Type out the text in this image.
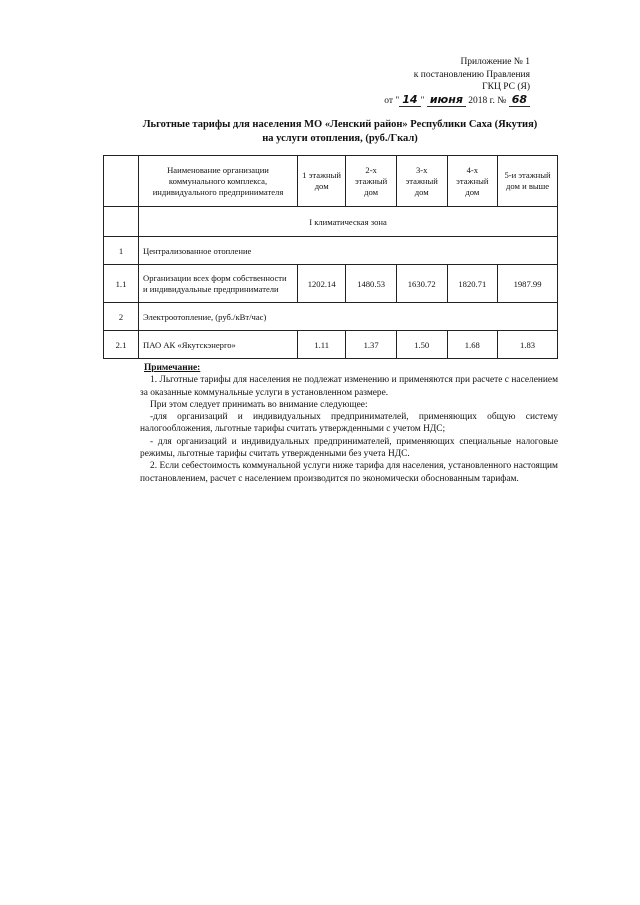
Приложение № 1
к постановлению Правления
ГКЦ РС (Я)
от " 14 " июня 2018 г. № 68
Льготные тарифы для населения МО «Ленский район» Республики Саха (Якутия)
на услуги отопления, (руб./Гкал)
	Наименование организации коммунального комплекса, индивидуального предпринимателя	1 этажный дом	2-х этажный дом	3-х этажный дом	4-х этажный дом	5-и этажный дом и выше
	I климатическая зона					
1	Централизованное отопление					
1.1	Организации всех форм собственности и индивидуальные предприниматели	1202.14	1480.53	1630.72	1820.71	1987.99
2	Электроотопление, (руб./кВт/час)					
2.1	ПАО АК «Якутскэнерго»	1.11	1.37	1.50	1.68	1.83

Примечание:

1. Льготные тарифы для населения не подлежат изменению и применяются при расчете с населением за оказанные коммунальные услуги в установленном размере.

При этом следует принимать во внимание следующее:

-для организаций и индивидуальных предпринимателей, применяющих общую систему налогообложения, льготные тарифы считать утвержденными с учетом НДС;

- для организаций и индивидуальных предпринимателей, применяющих специальные налоговые режимы, льготные тарифы считать утвержденными без учета НДС.

2. Если себестоимость коммунальной услуги ниже тарифа для населения, установленного настоящим постановлением, расчет с населением производится по экономически обоснованным тарифам.
